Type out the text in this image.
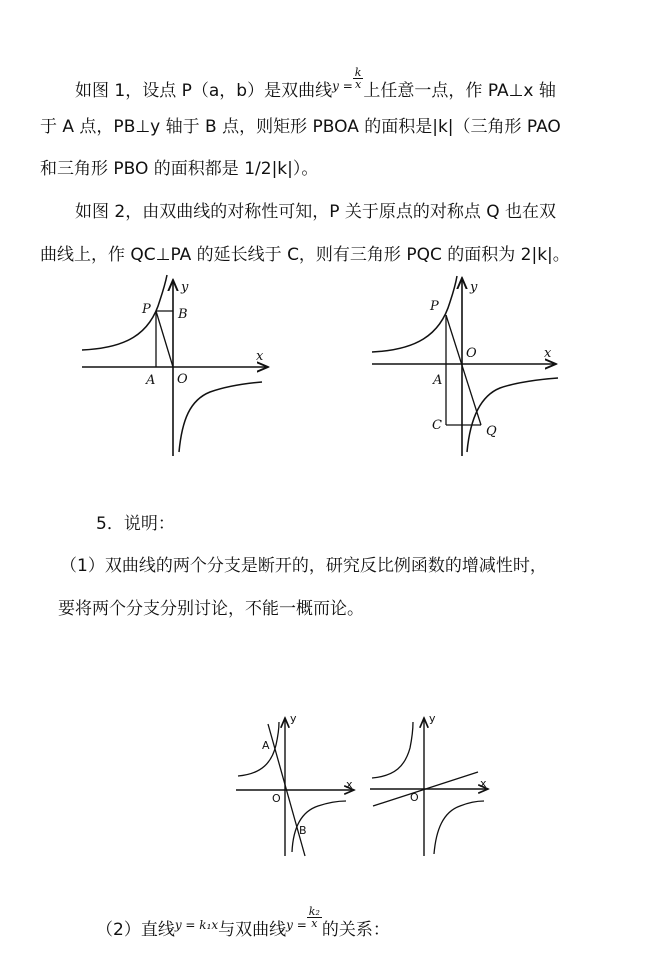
如图 1，设点 P（a，b）是双曲线$^{y =} \frac{k}{x}$
上任意一点，作 PA⊥x 轴
于 A 点，PB⊥y 轴于 B 点，则矩形 PBOA 的面积是|k|（三角形 PAO
和三角形 PBO 的面积都是 1/2|k|）。
如图 2，由双曲线的对称性可知，P 关于原点的对称点 Q 也在双
曲线上，作 QC⊥PA 的延长线于 C，则有三角形 PQC 的面积为 2|k|。
P B
A O
x
y
P
O
A
C	Q
x
y
A
B
O
x
y
O
x
y
5．说明：
（1）双曲线的两个分支是断开的，研究反比例函数的增减性时，
要将两个分支分别讨论，不能一概而论。
（2）直线$^{y = k_1x}$与双曲线$^{y =} \frac{\text{k₂}}{x}$
的关系：
